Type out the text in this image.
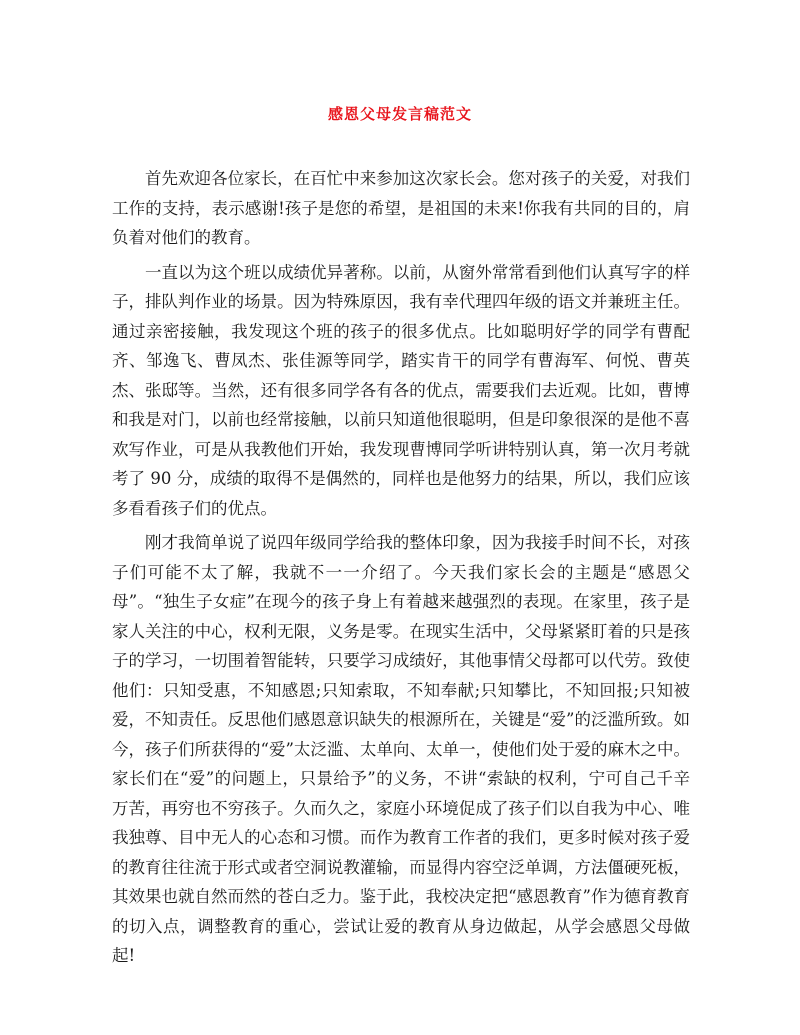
感恩父母发言稿范文

首先欢迎各位家长，在百忙中来参加这次家长会。您对孩子的关爱，对我们工作的支持，表示感谢!孩子是您的希望，是祖国的未来!你我有共同的目的，肩负着对他们的教育。

一直以为这个班以成绩优异著称。以前，从窗外常常看到他们认真写字的样子，排队判作业的场景。因为特殊原因，我有幸代理四年级的语文并兼班主任。通过亲密接触，我发现这个班的孩子的很多优点。比如聪明好学的同学有曹配齐、邹逸飞、曹凤杰、张佳源等同学，踏实肯干的同学有曹海军、何悦、曹英杰、张邸等。当然，还有很多同学各有各的优点，需要我们去近观。比如，曹博和我是对门，以前也经常接触，以前只知道他很聪明，但是印象很深的是他不喜欢写作业，可是从我教他们开始，我发现曹博同学听讲特别认真，第一次月考就考了 90 分，成绩的取得不是偶然的，同样也是他努力的结果，所以，我们应该多看看孩子们的优点。

刚才我简单说了说四年级同学给我的整体印象，因为我接手时间不长，对孩子们可能不太了解，我就不一一介绍了。今天我们家长会的主题是“感恩父母”。“独生子女症”在现今的孩子身上有着越来越强烈的表现。在家里，孩子是家人关注的中心，权利无限，义务是零。在现实生活中，父母紧紧盯着的只是孩子的学习，一切围着智能转，只要学习成绩好，其他事情父母都可以代劳。致使他们：只知受惠，不知感恩;只知索取，不知奉献;只知攀比，不知回报;只知被爱，不知责任。反思他们感恩意识缺失的根源所在，关键是“爱”的泛滥所致。如今，孩子们所获得的“爱”太泛滥、太单向、太单一，使他们处于爱的麻木之中。家长们在“爱”的问题上，只景给予”的义务，不讲“索缺的权利，宁可自己千辛万苦，再穷也不穷孩子。久而久之，家庭小环境促成了孩子们以自我为中心、唯我独尊、目中无人的心态和习惯。而作为教育工作者的我们，更多时候对孩子爱的教育往往流于形式或者空洞说教灌输，而显得内容空泛单调，方法僵硬死板，其效果也就自然而然的苍白乏力。鉴于此，我校决定把“感恩教育”作为德育教育的切入点，调整教育的重心，尝试让爱的教育从身边做起，从学会感恩父母做起!
